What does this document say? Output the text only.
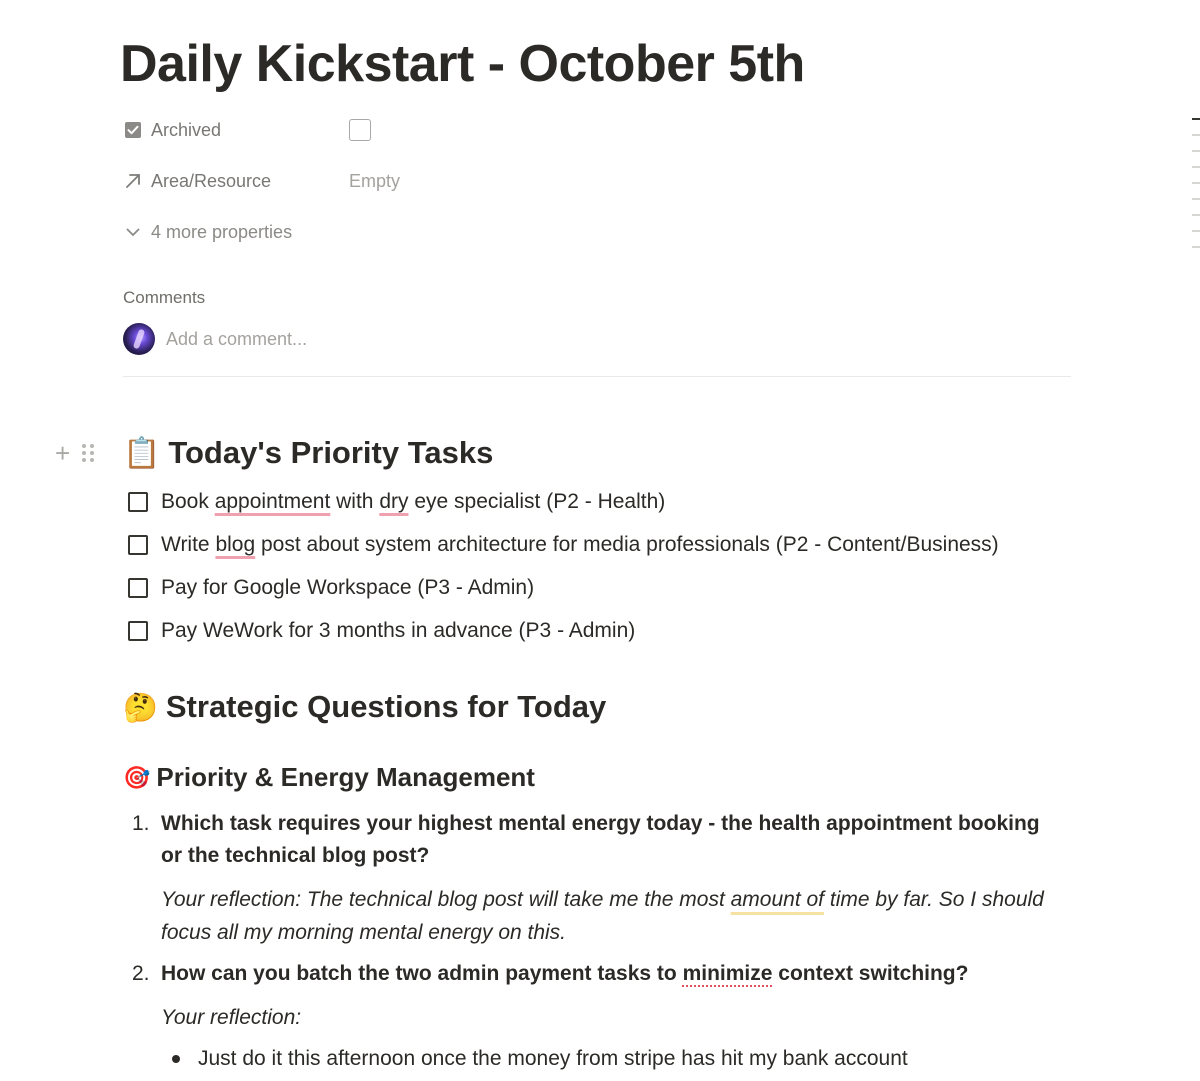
Daily Kickstart - October 5th
Archived
Area/Resource	Empty
4 more properties
Comments
Add a comment...
+ 📋 Today's Priority Tasks
Book appointment with dry eye specialist (P2 - Health)
Write blog post about system architecture for media professionals (P2 - Content/Business)
Pay for Google Workspace (P3 - Admin)
Pay WeWork for 3 months in advance (P3 - Admin)
🤔 Strategic Questions for Today
🎯 Priority & Energy Management
1. Which task requires your highest mental energy today - the health appointment booking or the technical blog post?
Your reflection: The technical blog post will take me the most amount of time by far. So I should focus all my morning mental energy on this.
2. How can you batch the two admin payment tasks to minimize context switching?
Your reflection:
Just do it this afternoon once the money from stripe has hit my bank account
